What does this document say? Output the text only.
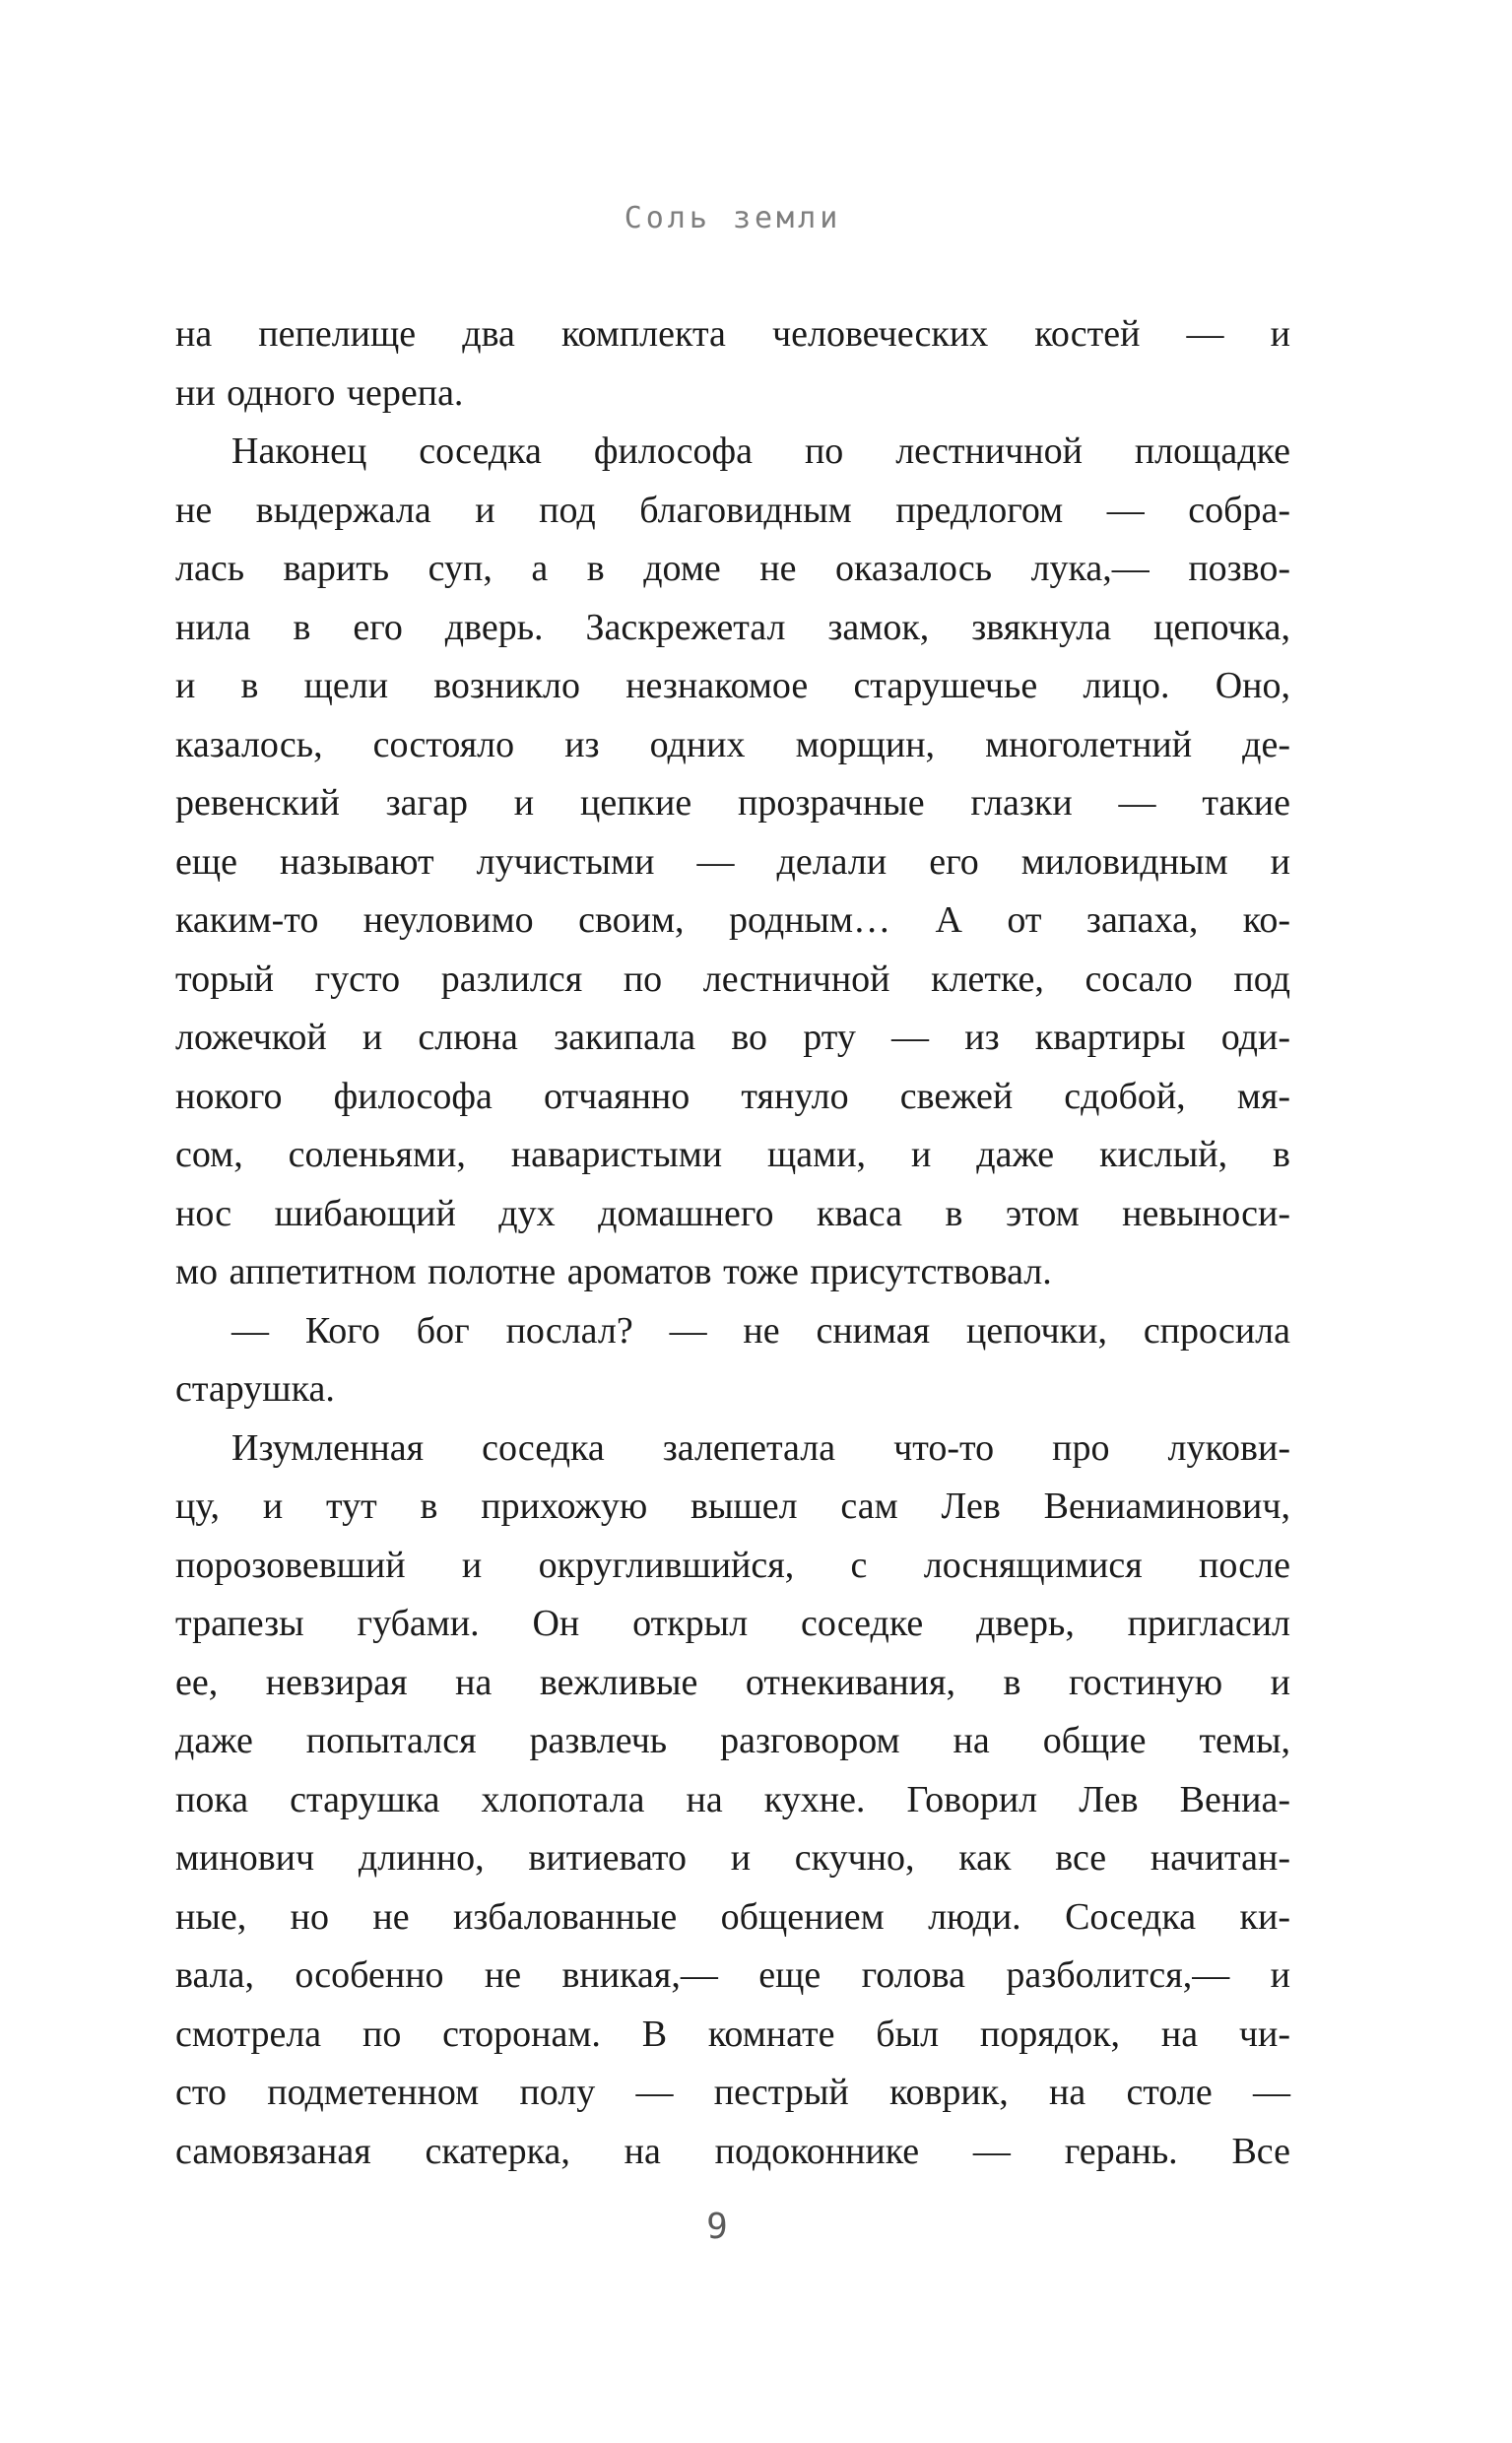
Соль земли
на пепелище два комплекта человеческих костей — и
ни одного черепа.
Наконец соседка философа по лестничной площадке
не выдержала и под благовидным предлогом — собра-
лась варить суп, а в доме не оказалось лука,— позво-
нила в его дверь. Заскрежетал замок, звякнула цепочка,
и в щели возникло незнакомое старушечье лицо. Оно,
казалось, состояло из одних морщин, многолетний де-
ревенский загар и цепкие прозрачные глазки — такие
еще называют лучистыми — делали его миловидным и
каким-то неуловимо своим, родным… А от запаха, ко-
торый густо разлился по лестничной клетке, сосало под
ложечкой и слюна закипала во рту — из квартиры оди-
нокого философа отчаянно тянуло свежей сдобой, мя-
сом, соленьями, наваристыми щами, и даже кислый, в
нос шибающий дух домашнего кваса в этом невыноси-
мо аппетитном полотне ароматов тоже присутствовал.
— Кого бог послал? — не снимая цепочки, спросила
старушка.
Изумленная соседка залепетала что-то про лукови-
цу, и тут в прихожую вышел сам Лев Вениаминович,
порозовевший и округлившийся, с лоснящимися после
трапезы губами. Он открыл соседке дверь, пригласил
ее, невзирая на вежливые отнекивания, в гостиную и
даже попытался развлечь разговором на общие темы,
пока старушка хлопотала на кухне. Говорил Лев Вениа-
минович длинно, витиевато и скучно, как все начитан-
ные, но не избалованные общением люди. Соседка ки-
вала, особенно не вникая,— еще голова разболится,— и
смотрела по сторонам. В комнате был порядок, на чи-
сто подметенном полу — пестрый коврик, на столе —
самовязаная скатерка, на подоконнике — герань. Все
9
